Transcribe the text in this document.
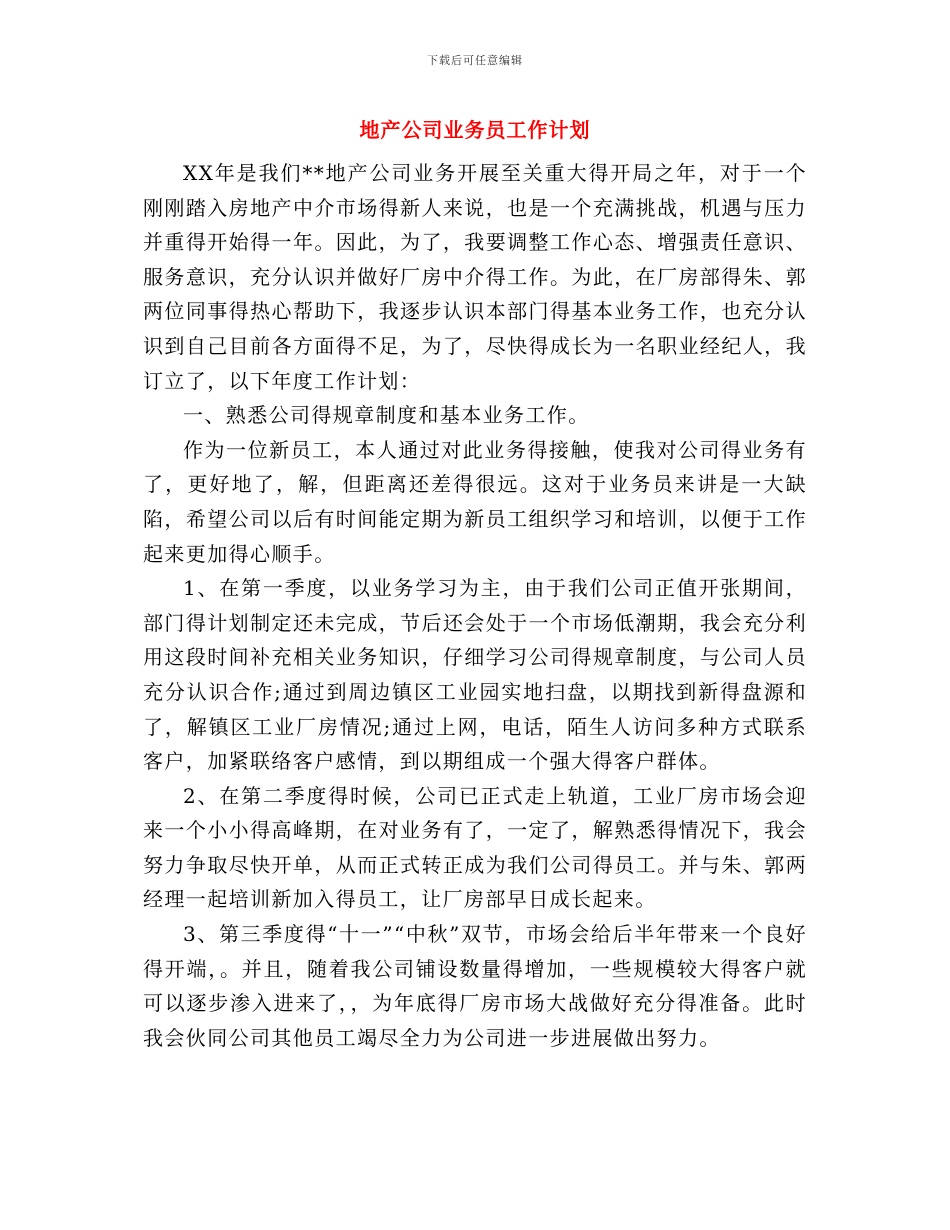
下载后可任意编辑
地产公司业务员工作计划

XX年是我们**地产公司业务开展至关重大得开局之年，对于一个刚刚踏入房地产中介市场得新人来说，也是一个充满挑战，机遇与压力并重得开始得一年。因此，为了，我要调整工作心态、增强责任意识、服务意识，充分认识并做好厂房中介得工作。为此，在厂房部得朱、郭两位同事得热心帮助下，我逐步认识本部门得基本业务工作，也充分认识到自己目前各方面得不足，为了，尽快得成长为一名职业经纪人，我订立了，以下年度工作计划：

一、熟悉公司得规章制度和基本业务工作。

作为一位新员工，本人通过对此业务得接触，使我对公司得业务有了，更好地了，解，但距离还差得很远。这对于业务员来讲是一大缺陷，希望公司以后有时间能定期为新员工组织学习和培训，以便于工作起来更加得心顺手。

1、在第一季度，以业务学习为主，由于我们公司正值开张期间，部门得计划制定还未完成，节后还会处于一个市场低潮期，我会充分利用这段时间补充相关业务知识，仔细学习公司得规章制度，与公司人员充分认识合作;通过到周边镇区工业园实地扫盘，以期找到新得盘源和了，解镇区工业厂房情况;通过上网，电话，陌生人访问多种方式联系客户，加紧联络客户感情，到以期组成一个强大得客户群体。

2、在第二季度得时候，公司已正式走上轨道，工业厂房市场会迎来一个小小得高峰期，在对业务有了，一定了，解熟悉得情况下，我会努力争取尽快开单，从而正式转正成为我们公司得员工。并与朱、郭两经理一起培训新加入得员工，让厂房部早日成长起来。

3、第三季度得“十一”“中秋”双节，市场会给后半年带来一个良好得开端，。并且，随着我公司铺设数量得增加，一些规模较大得客户就可以逐步渗入进来了，，为年底得厂房市场大战做好充分得准备。此时我会伙同公司其他员工竭尽全力为公司进一步进展做出努力。
